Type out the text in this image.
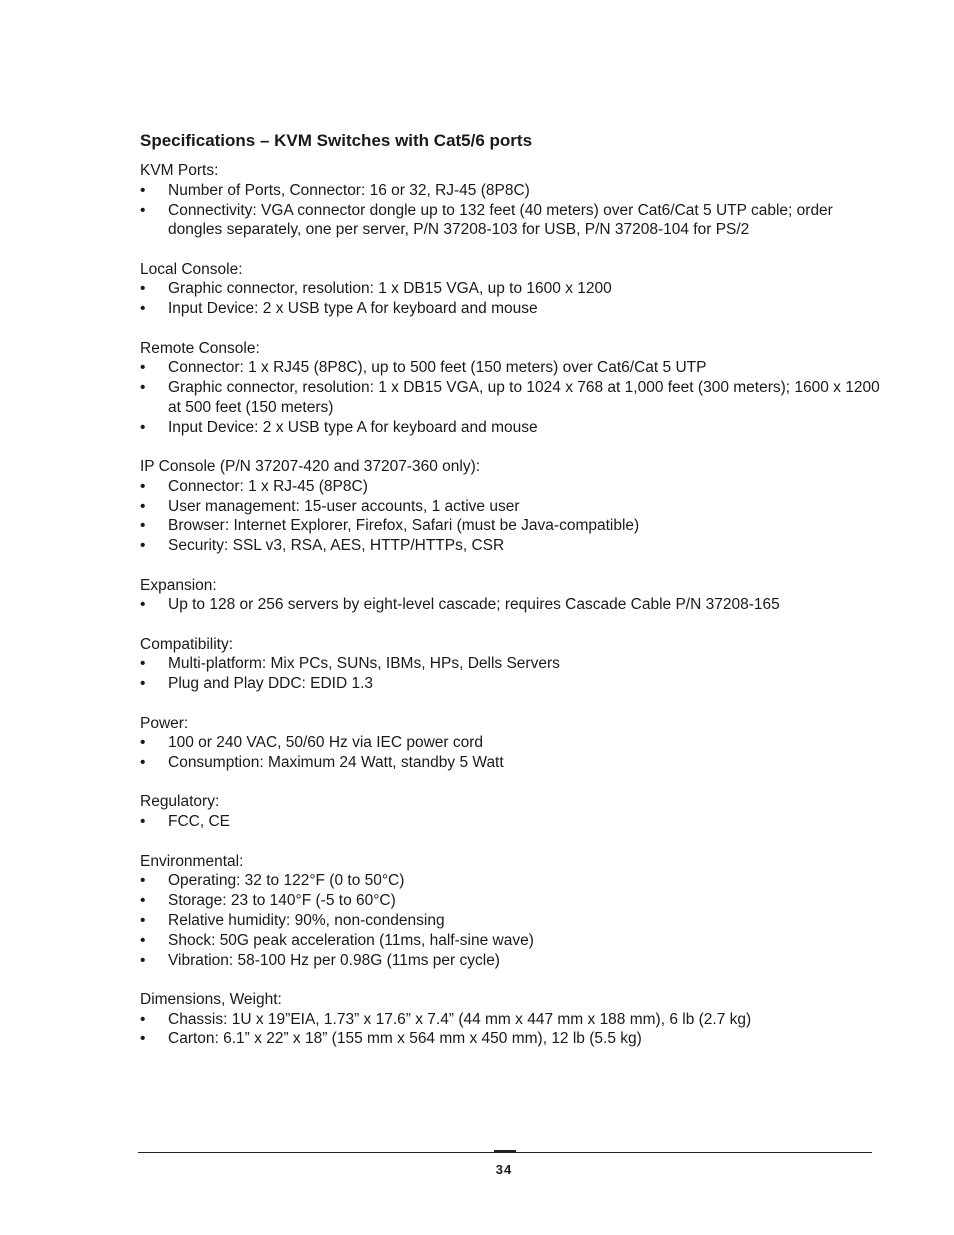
Specifications – KVM Switches with Cat5/6 ports
KVM Ports:
• Number of Ports, Connector: 16 or 32, RJ-45 (8P8C)
• Connectivity: VGA connector dongle up to 132 feet (40 meters) over Cat6/Cat 5 UTP cable; order dongles separately, one per server, P/N 37208-103 for USB, P/N 37208-104 for PS/2
Local Console:
• Graphic connector, resolution: 1 x DB15 VGA, up to 1600 x 1200
• Input Device: 2 x USB type A for keyboard and mouse
Remote Console:
• Connector: 1 x RJ45 (8P8C), up to 500 feet (150 meters) over Cat6/Cat 5 UTP
• Graphic connector, resolution: 1 x DB15 VGA, up to 1024 x 768 at 1,000 feet (300 meters); 1600 x 1200 at 500 feet (150 meters)
• Input Device: 2 x USB type A for keyboard and mouse
IP Console (P/N 37207-420 and 37207-360 only):
• Connector: 1 x RJ-45 (8P8C)
• User management: 15-user accounts, 1 active user
• Browser: Internet Explorer, Firefox, Safari (must be Java-compatible)
• Security: SSL v3, RSA, AES, HTTP/HTTPs, CSR
Expansion:
• Up to 128 or 256 servers by eight-level cascade; requires Cascade Cable P/N 37208-165
Compatibility:
• Multi-platform: Mix PCs, SUNs, IBMs, HPs, Dells Servers
• Plug and Play DDC: EDID 1.3
Power:
• 100 or 240 VAC, 50/60 Hz via IEC power cord
• Consumption: Maximum 24 Watt, standby 5 Watt
Regulatory:
• FCC, CE
Environmental:
• Operating: 32 to 122°F (0 to 50°C)
• Storage: 23 to 140°F (-5 to 60°C)
• Relative humidity: 90%, non-condensing
• Shock: 50G peak acceleration (11ms, half-sine wave)
• Vibration: 58-100 Hz per 0.98G (11ms per cycle)
Dimensions, Weight:
• Chassis: 1U x 19”EIA, 1.73” x 17.6” x 7.4” (44 mm x 447 mm x 188 mm), 6 lb (2.7 kg)
• Carton: 6.1” x 22” x 18” (155 mm x 564 mm x 450 mm), 12 lb (5.5 kg)
34
